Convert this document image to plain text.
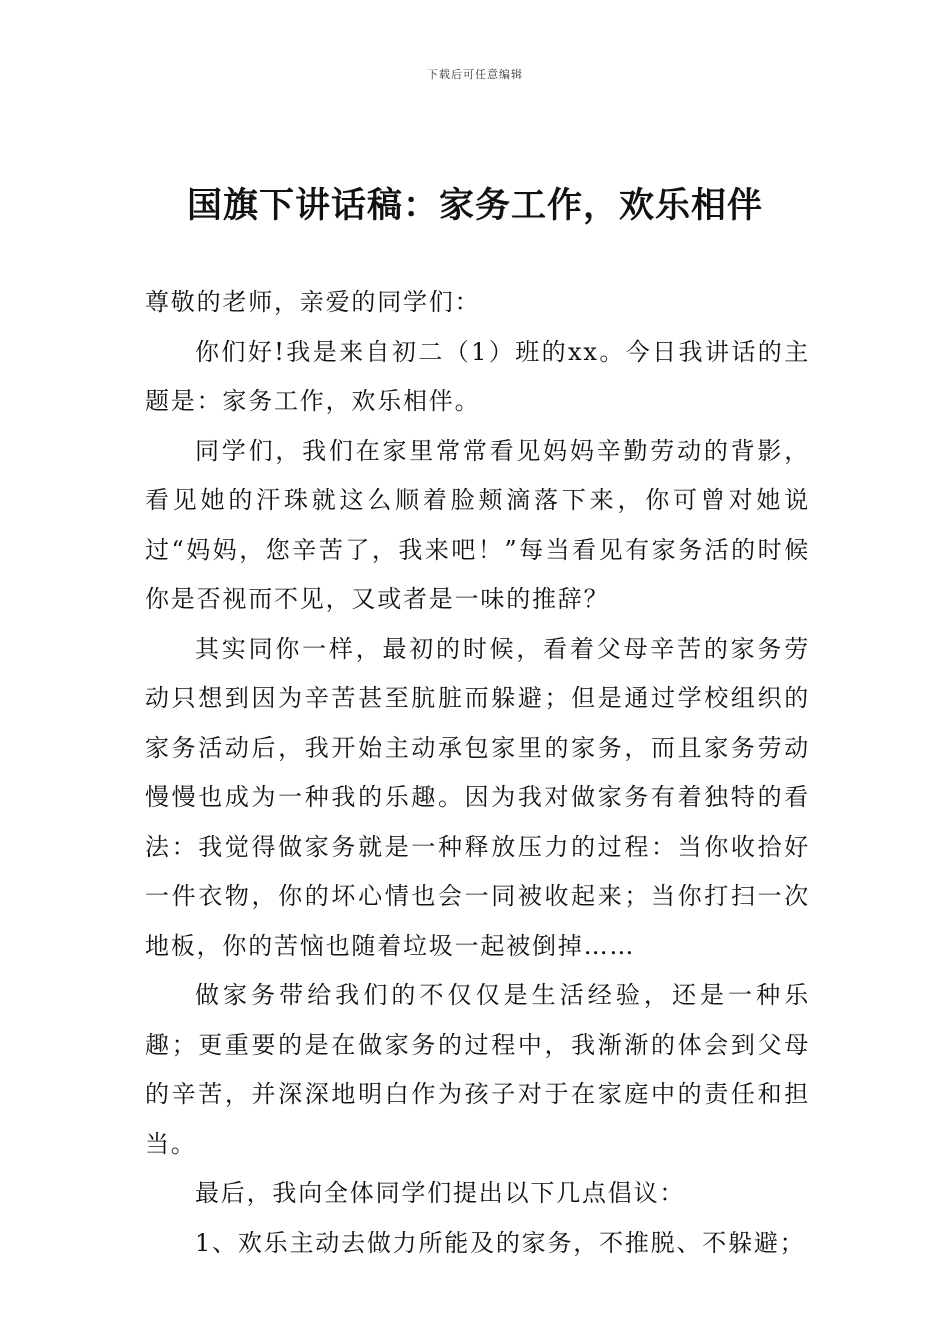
下载后可任意编辑
国旗下讲话稿：家务工作，欢乐相伴

尊敬的老师，亲爱的同学们：

你们好!我是来自初二（1）班的xx。今日我讲话的主题是：家务工作，欢乐相伴。

同学们，我们在家里常常看见妈妈辛勤劳动的背影，看见她的汗珠就这么顺着脸颊滴落下来，你可曾对她说过“妈妈，您辛苦了，我来吧！”每当看见有家务活的时候你是否视而不见，又或者是一味的推辞？

其实同你一样，最初的时候，看着父母辛苦的家务劳动只想到因为辛苦甚至肮脏而躲避；但是通过学校组织的家务活动后，我开始主动承包家里的家务，而且家务劳动慢慢也成为一种我的乐趣。因为我对做家务有着独特的看法：我觉得做家务就是一种释放压力的过程：当你收拾好一件衣物，你的坏心情也会一同被收起来；当你打扫一次地板，你的苦恼也随着垃圾一起被倒掉……

做家务带给我们的不仅仅是生活经验，还是一种乐趣；更重要的是在做家务的过程中，我渐渐的体会到父母的辛苦，并深深地明白作为孩子对于在家庭中的责任和担当。

最后，我向全体同学们提出以下几点倡议：

1、欢乐主动去做力所能及的家务，不推脱、不躲避；
